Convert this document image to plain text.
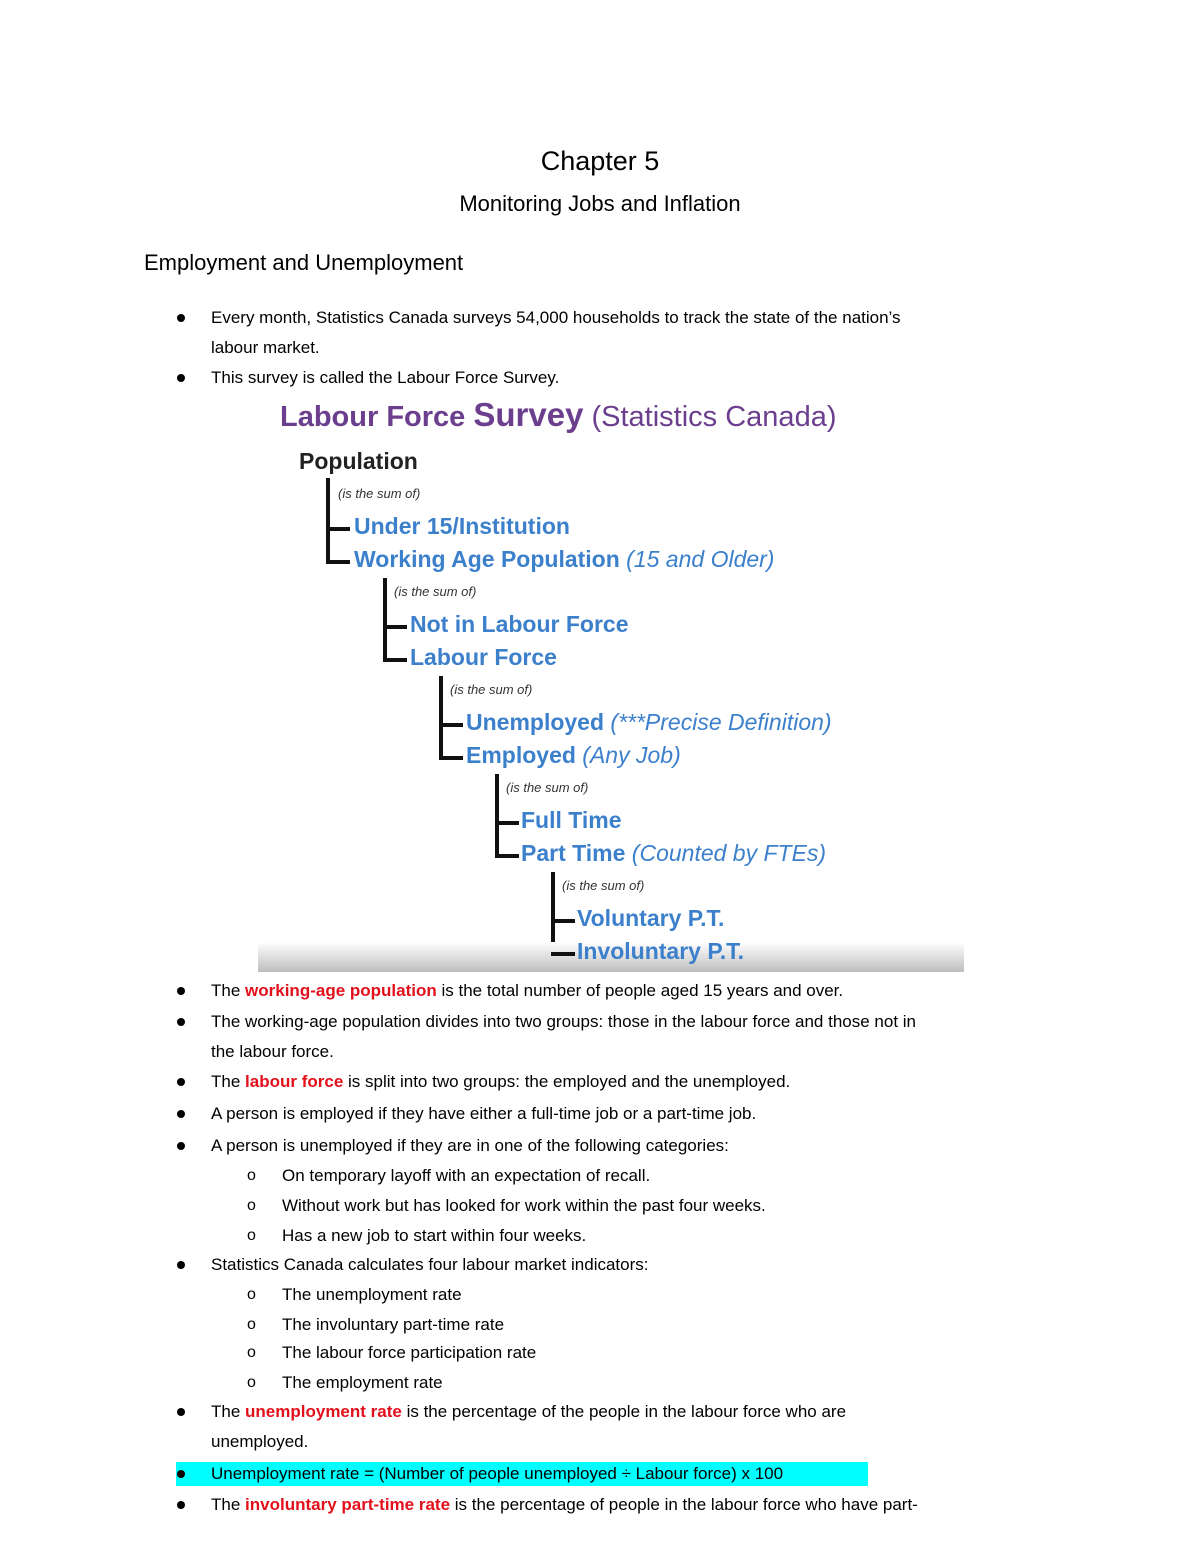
Chapter 5
Monitoring Jobs and Inflation
Employment and Unemployment
Every month, Statistics Canada surveys 54,000 households to track the state of the nation’s
labour market.
This survey is called the Labour Force Survey.
Labour Force Survey (Statistics Canada)
Population
(is the sum of)
Under 15/Institution
Working Age Population (15 and Older)
(is the sum of)
Not in Labour Force
Labour Force
(is the sum of)
Unemployed (***Precise Definition)
Employed (Any Job)
(is the sum of)
Full Time
Part Time (Counted by FTEs)
(is the sum of)
Voluntary P.T.
Involuntary P.T.
The working-age population is the total number of people aged 15 years and over.
The working-age population divides into two groups: those in the labour force and those not in
the labour force.
The labour force is split into two groups: the employed and the unemployed.
A person is employed if they have either a full-time job or a part-time job.
A person is unemployed if they are in one of the following categories:
o On temporary layoff with an expectation of recall.
o Without work but has looked for work within the past four weeks.
o Has a new job to start within four weeks.
Statistics Canada calculates four labour market indicators:
o The unemployment rate
o The involuntary part-time rate
o The labour force participation rate
o The employment rate
The unemployment rate is the percentage of the people in the labour force who are
unemployed.
Unemployment rate = (Number of people unemployed ÷ Labour force) x 100
The involuntary part-time rate is the percentage of people in the labour force who have part-
